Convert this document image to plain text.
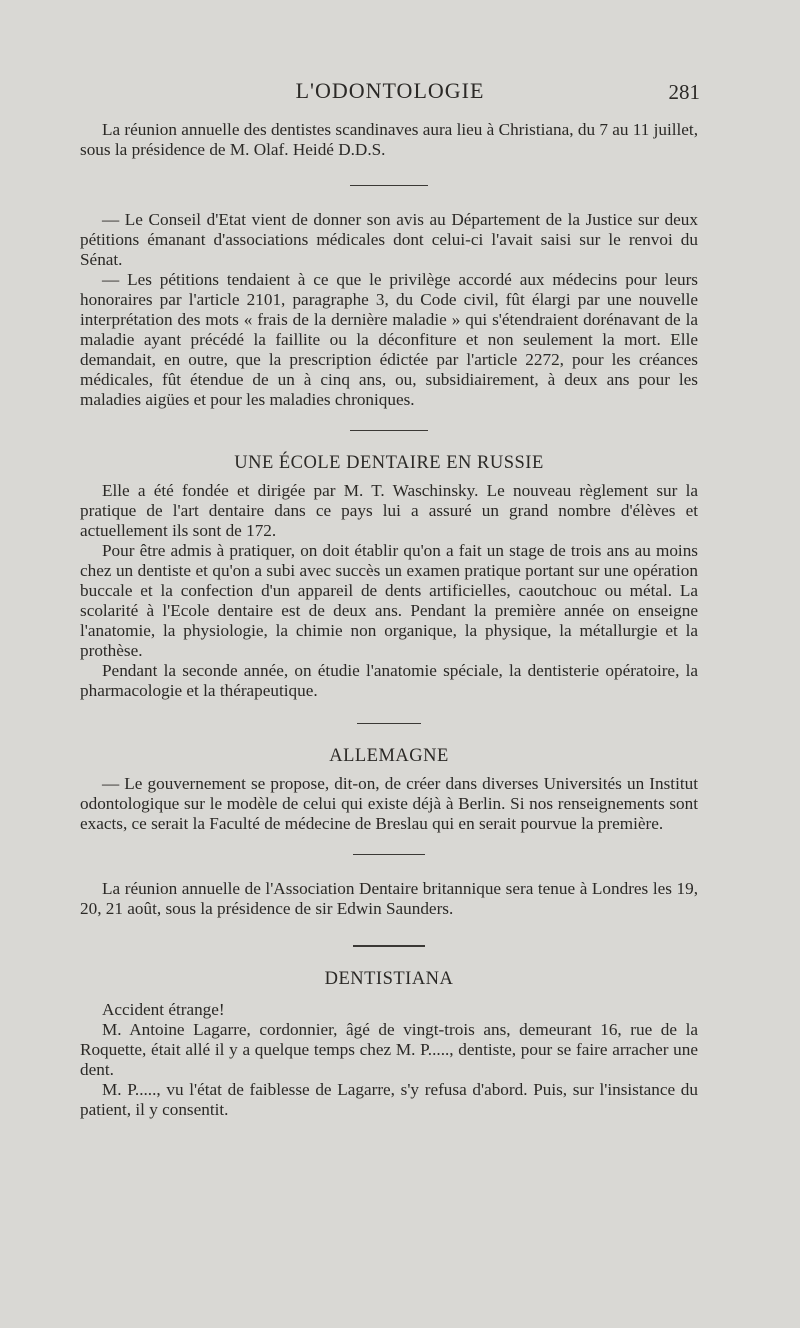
L'ODONTOLOGIE	281

La réunion annuelle des dentistes scandinaves aura lieu à Christiana, du 7 au 11 juillet, sous la présidence de M. Olaf. Heidé D.D.S.

— Le Conseil d'Etat vient de donner son avis au Département de la Justice sur deux pétitions émanant d'associations médicales dont celui-ci l'avait saisi sur le renvoi du Sénat.

— Les pétitions tendaient à ce que le privilège accordé aux médecins pour leurs honoraires par l'article 2101, paragraphe 3, du Code civil, fût élargi par une nouvelle interprétation des mots « frais de la dernière maladie » qui s'étendraient dorénavant de la maladie ayant précédé la faillite ou la déconfiture et non seulement la mort. Elle demandait, en outre, que la prescription édictée par l'article 2272, pour les créances médicales, fût étendue de un à cinq ans, ou, subsidiairement, à deux ans pour les maladies aigües et pour les maladies chroniques.

UNE ÉCOLE DENTAIRE EN RUSSIE

Elle a été fondée et dirigée par M. T. Waschinsky. Le nouveau règlement sur la pratique de l'art dentaire dans ce pays lui a assuré un grand nombre d'élèves et actuellement ils sont de 172.

Pour être admis à pratiquer, on doit établir qu'on a fait un stage de trois ans au moins chez un dentiste et qu'on a subi avec succès un examen pratique portant sur une opération buccale et la confection d'un appareil de dents artificielles, caoutchouc ou métal. La scolarité à l'Ecole dentaire est de deux ans. Pendant la première année on enseigne l'anatomie, la physiologie, la chimie non organique, la physique, la métallurgie et la prothèse.

Pendant la seconde année, on étudie l'anatomie spéciale, la dentisterie opératoire, la pharmacologie et la thérapeutique.

ALLEMAGNE

— Le gouvernement se propose, dit-on, de créer dans diverses Universités un Institut odontologique sur le modèle de celui qui existe déjà à Berlin. Si nos renseignements sont exacts, ce serait la Faculté de médecine de Breslau qui en serait pourvue la première.

La réunion annuelle de l'Association Dentaire britannique sera tenue à Londres les 19, 20, 21 août, sous la présidence de sir Edwin Saunders.

DENTISTIANA

Accident étrange!

M. Antoine Lagarre, cordonnier, âgé de vingt-trois ans, demeurant 16, rue de la Roquette, était allé il y a quelque temps chez M. P....., dentiste, pour se faire arracher une dent.

M. P....., vu l'état de faiblesse de Lagarre, s'y refusa d'abord. Puis, sur l'insistance du patient, il y consentit.
